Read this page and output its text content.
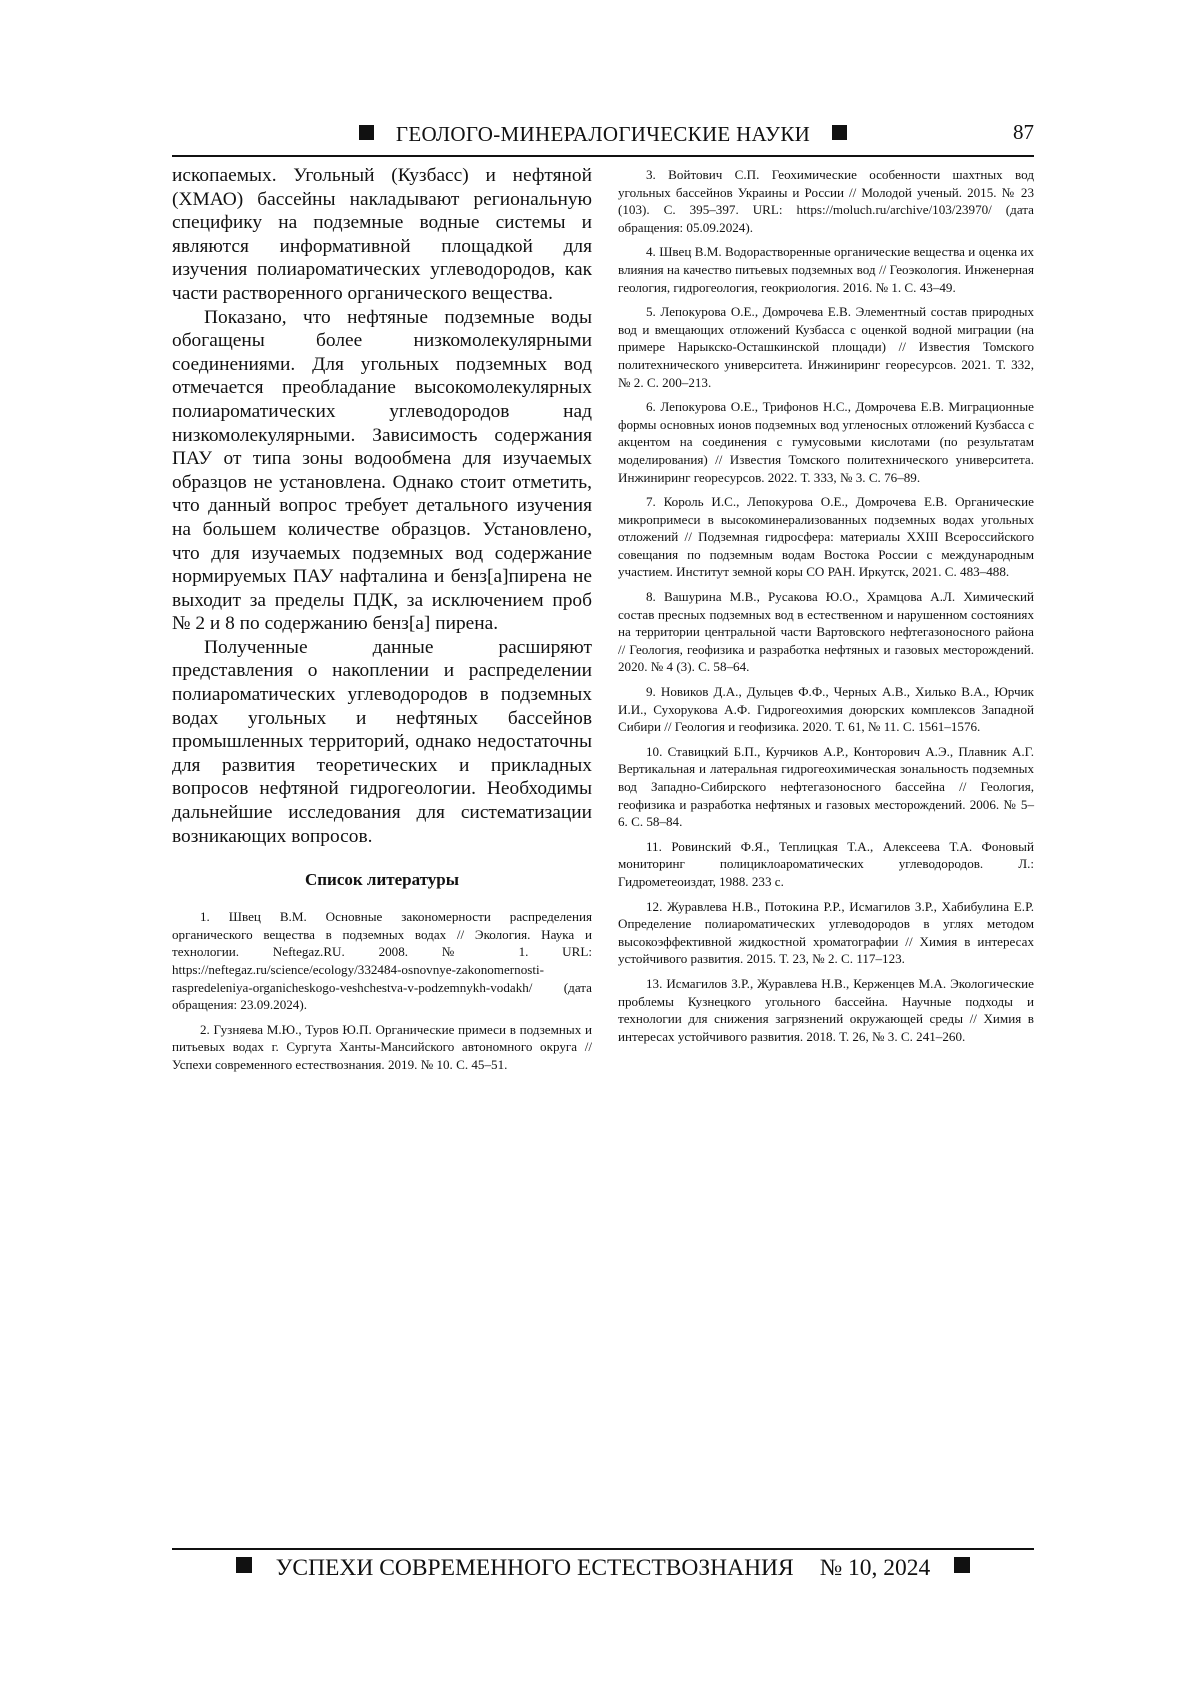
ГЕОЛОГО-МИНЕРАЛОГИЧЕСКИЕ НАУКИ	87

ископаемых. Угольный (Кузбасс) и нефтяной (ХМАО) бассейны накладывают региональную специфику на подземные водные системы и являются информативной площадкой для изучения полиароматических углеводородов, как части растворенного органического вещества.

Показано, что нефтяные подземные воды обогащены более низкомолекулярными соединениями. Для угольных подземных вод отмечается преобладание высокомолекулярных полиароматических углеводородов над низкомолекулярными. Зависимость содержания ПАУ от типа зоны водообмена для изучаемых образцов не установлена. Однако стоит отметить, что данный вопрос требует детального изучения на большем количестве образцов. Установлено, что для изучаемых подземных вод содержание нормируемых ПАУ нафталина и бенз[а]пирена не выходит за пределы ПДК, за исключением проб № 2 и 8 по содержанию бенз[а] пирена.

Полученные данные расширяют представления о накоплении и распределении полиароматических углеводородов в подземных водах угольных и нефтяных бассейнов промышленных территорий, однако недостаточны для развития теоретических и прикладных вопросов нефтяной гидрогеологии. Необходимы дальнейшие исследования для систематизации возникающих вопросов.

Список литературы

1. Швец В.М. Основные закономерности распределения органического вещества в подземных водах // Экология. Наука и технологии. Neftegaz.RU. 2008. № 1. URL: https://neftegaz.ru/science/ecology/332484-osnovnye-zakonomernosti-raspredeleniya-organicheskogo-veshchestva-v-podzemnykh-vodakh/ (дата обращения: 23.09.2024).

2. Гузняева М.Ю., Туров Ю.П. Органические примеси в подземных и питьевых водах г. Сургута Ханты-Мансийского автономного округа // Успехи современного естествознания. 2019. № 10. С. 45–51.

3. Войтович С.П. Геохимические особенности шахтных вод угольных бассейнов Украины и России // Молодой ученый. 2015. № 23 (103). С. 395–397. URL: https://moluch.ru/archive/103/23970/ (дата обращения: 05.09.2024).

4. Швец В.М. Водорастворенные органические вещества и оценка их влияния на качество питьевых подземных вод // Геоэкология. Инженерная геология, гидрогеология, геокриология. 2016. № 1. С. 43–49.

5. Лепокурова О.Е., Домрочева Е.В. Элементный состав природных вод и вмещающих отложений Кузбасса с оценкой водной миграции (на примере Нарыкско-Осташкинской площади) // Известия Томского политехнического университета. Инжиниринг георесурсов. 2021. Т. 332, № 2. С. 200–213.

6. Лепокурова О.Е., Трифонов Н.С., Домрочева Е.В. Миграционные формы основных ионов подземных вод угленосных отложений Кузбасса с акцентом на соединения с гумусовыми кислотами (по результатам моделирования) // Известия Томского политехнического университета. Инжиниринг георесурсов. 2022. Т. 333, № 3. С. 76–89.

7. Король И.С., Лепокурова О.Е., Домрочева Е.В. Органические микропримеси в высокоминерализованных подземных водах угольных отложений // Подземная гидросфера: материалы XXIII Всероссийского совещания по подземным водам Востока России с международным участием. Институт земной коры СО РАН. Иркутск, 2021. С. 483–488.

8. Вашурина М.В., Русакова Ю.О., Храмцова А.Л. Химический состав пресных подземных вод в естественном и нарушенном состояниях на территории центральной части Вартовского нефтегазоносного района // Геология, геофизика и разработка нефтяных и газовых месторождений. 2020. № 4 (3). С. 58–64.

9. Новиков Д.А., Дульцев Ф.Ф., Черных А.В., Хилько В.А., Юрчик И.И., Сухорукова А.Ф. Гидрогеохимия доюрских комплексов Западной Сибири // Геология и геофизика. 2020. Т. 61, № 11. С. 1561–1576.

10. Ставицкий Б.П., Курчиков А.Р., Конторович А.Э., Плавник А.Г. Вертикальная и латеральная гидрогеохимическая зональность подземных вод Западно-Сибирского нефтегазоносного бассейна // Геология, геофизика и разработка нефтяных и газовых месторождений. 2006. № 5–6. С. 58–84.

11. Ровинский Ф.Я., Теплицкая Т.А., Алексеева Т.А. Фоновый мониторинг полициклоароматических углеводородов. Л.: Гидрометеоиздат, 1988. 233 с.

12. Журавлева Н.В., Потокина Р.Р., Исмагилов З.Р., Хабибулина Е.Р. Определение полиароматических углеводородов в углях методом высокоэффективной жидкостной хроматографии // Химия в интересах устойчивого развития. 2015. Т. 23, № 2. С. 117–123.

13. Исмагилов З.Р., Журавлева Н.В., Керженцев М.А. Экологические проблемы Кузнецкого угольного бассейна. Научные подходы и технологии для снижения загрязнений окружающей среды // Химия в интересах устойчивого развития. 2018. Т. 26, № 3. С. 241–260.

УСПЕХИ СОВРЕМЕННОГО ЕСТЕСТВОЗНАНИЯ № 10, 2024
